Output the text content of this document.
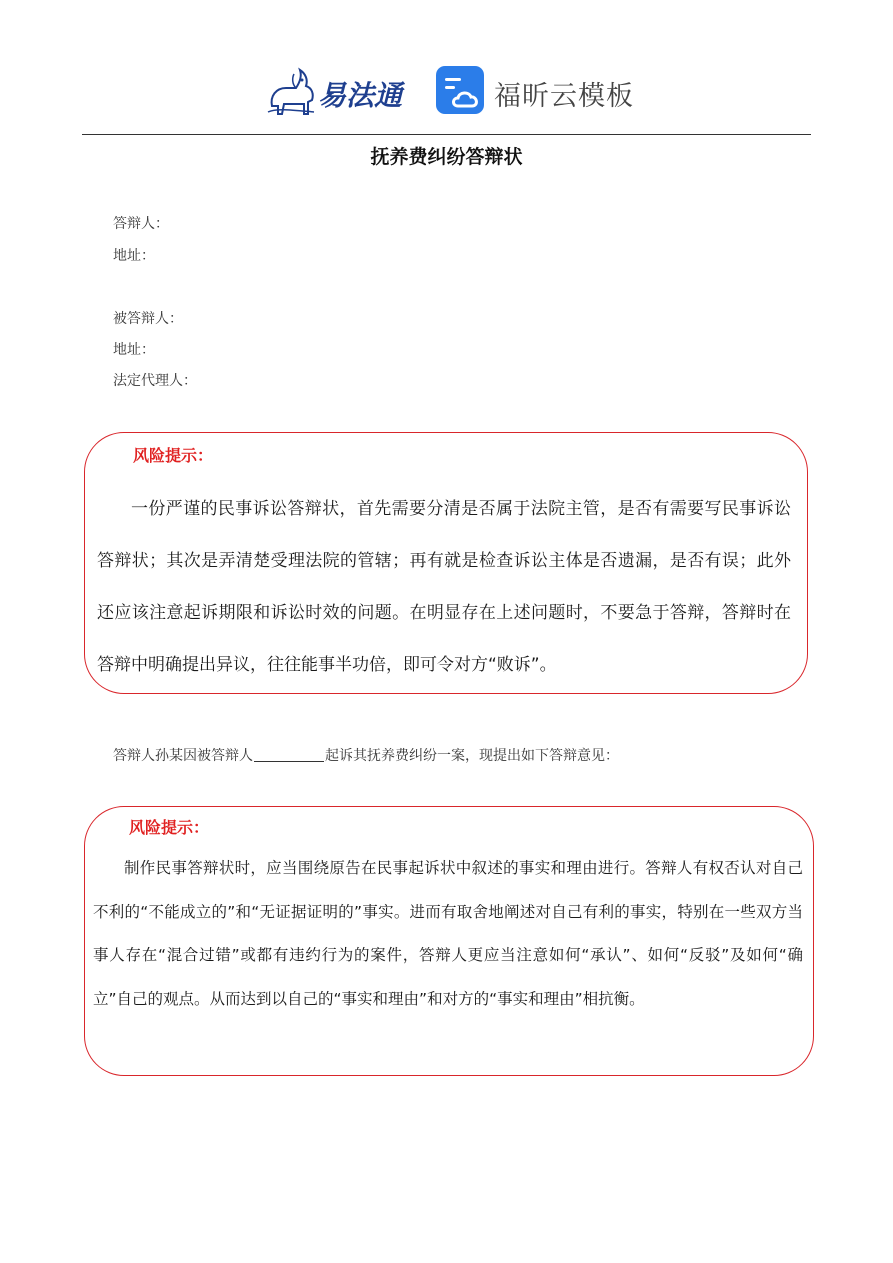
易法通	福昕云模板
抚养费纠纷答辩状
答辩人：
地址：
被答辩人：
地址：
法定代理人：
风险提示：
一份严谨的民事诉讼答辩状，首先需要分清是否属于法院主管，是否有需要写民事诉讼答辩状；其次是弄清楚受理法院的管辖；再有就是检查诉讼主体是否遗漏，是否有误；此外还应该注意起诉期限和诉讼时效的问题。在明显存在上述问题时，不要急于答辩，答辩时在答辩中明确提出异议，往往能事半功倍，即可令对方“败诉”。
答辩人孙某因被答辩人	起诉其抚养费纠纷一案，现提出如下答辩意见：
风险提示：
制作民事答辩状时，应当围绕原告在民事起诉状中叙述的事实和理由进行。答辩人有权否认对自己不利的“不能成立的”和“无证据证明的”事实。进而有取舍地阐述对自己有利的事实，特别在一些双方当事人存在“混合过错”或都有违约行为的案件，答辩人更应当注意如何“承认”、如何“反驳”及如何“确立”自己的观点。从而达到以自己的“事实和理由”和对方的“事实和理由”相抗衡。
